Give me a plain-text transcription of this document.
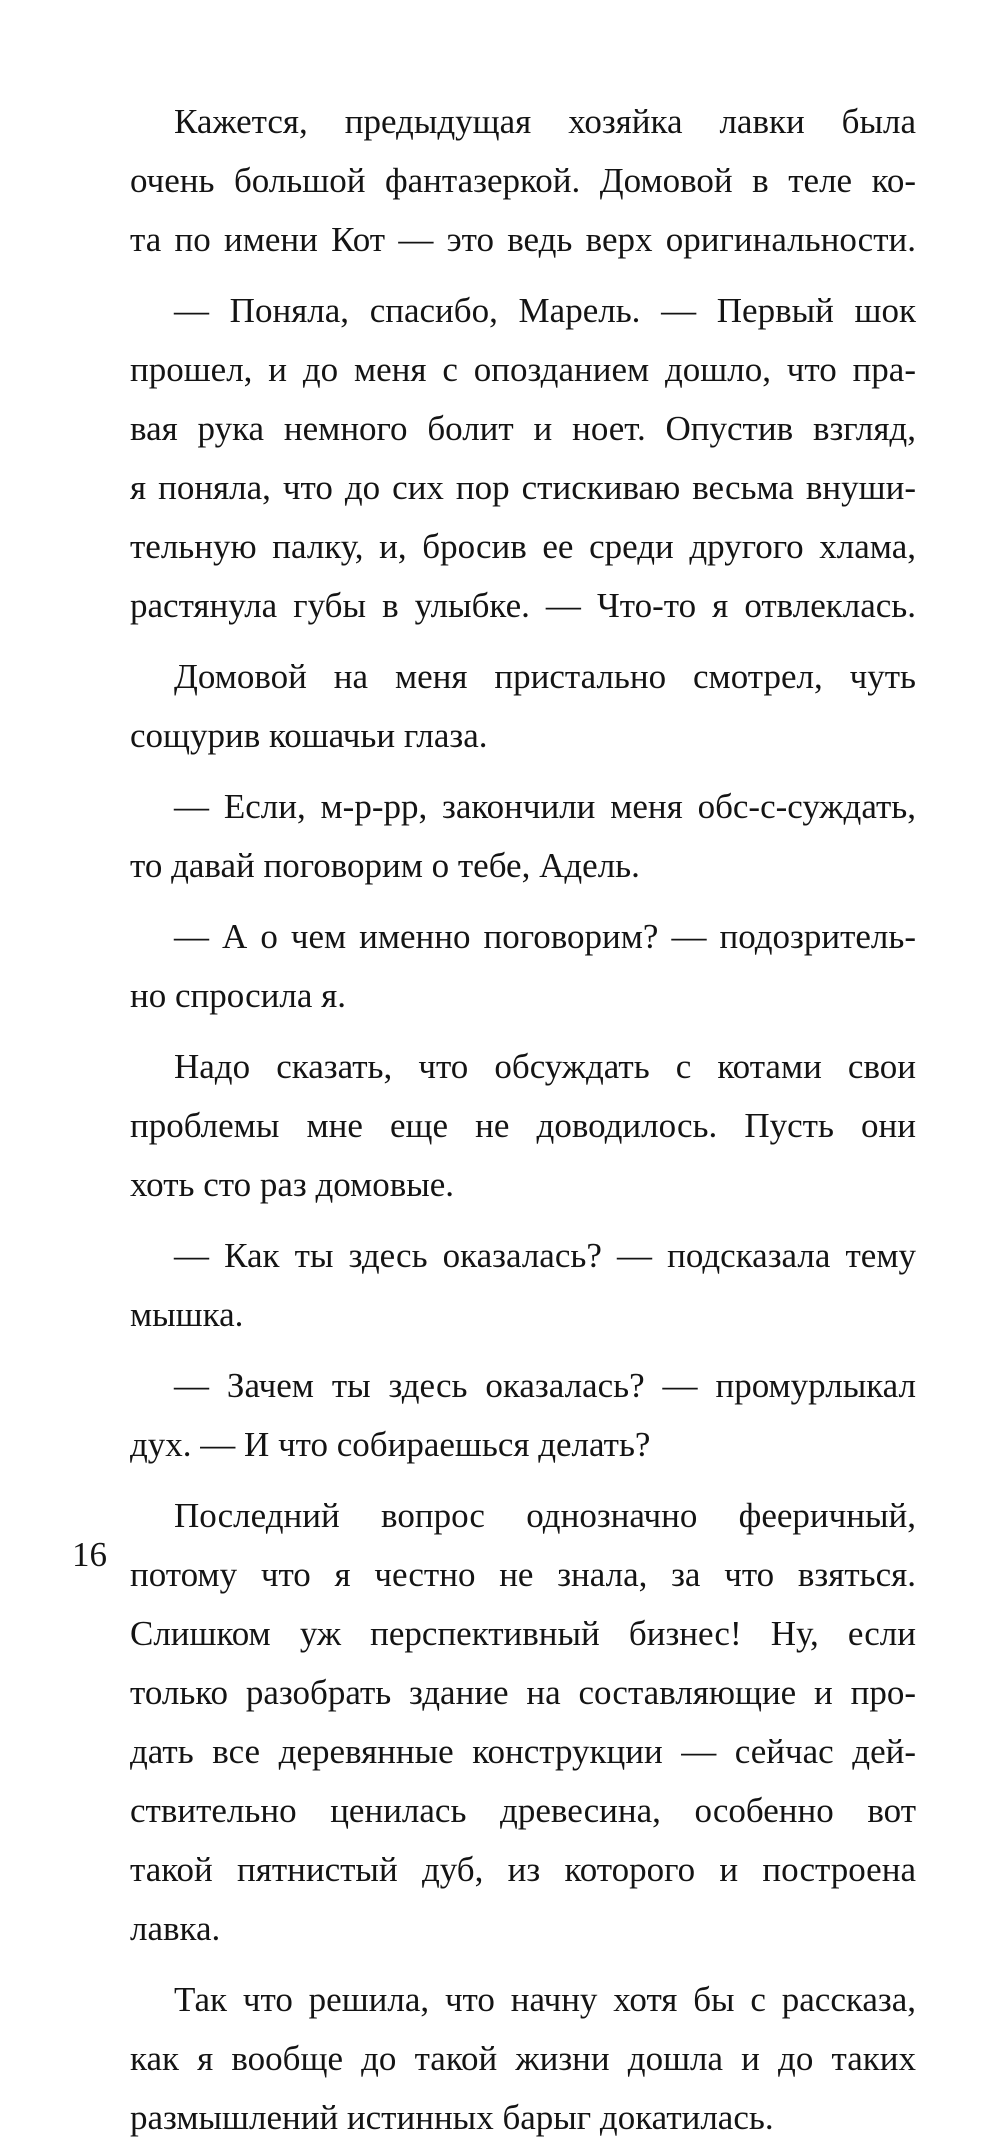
Кажется, предыдущая хозяйка лавки была
очень большой фантазеркой. Домовой в теле ко-
та по имени Кот — это ведь верх оригинальности.
— Поняла, спасибо, Марель. — Первый шок
прошел, и до меня с опозданием дошло, что пра-
вая рука немного болит и ноет. Опустив взгляд,
я поняла, что до сих пор стискиваю весьма внуши-
тельную палку, и, бросив ее среди другого хлама,
растянула губы в улыбке. — Что-то я отвлеклась.
Домовой на меня пристально смотрел, чуть
сощурив кошачьи глаза.
— Если, м-р-рр, закончили меня обс-с-суждать,
то давай поговорим о тебе, Адель.
— А о чем именно поговорим? — подозритель-
но спросила я.
Надо сказать, что обсуждать с котами свои
проблемы мне еще не доводилось. Пусть они
хоть сто раз домовые.
— Как ты здесь оказалась? — подсказала тему
мышка.
— Зачем ты здесь оказалась? — промурлыкал
дух. — И что собираешься делать?
Последний вопрос однозначно фееричный,
потому что я честно не знала, за что взяться.
Слишком уж перспективный бизнес! Ну, если
только разобрать здание на составляющие и про-
дать все деревянные конструкции — сейчас дей-
ствительно ценилась древесина, особенно вот
такой пятнистый дуб, из которого и построена
лавка.
Так что решила, что начну хотя бы с рассказа,
как я вообще до такой жизни дошла и до таких
размышлений истинных барыг докатилась.
16
